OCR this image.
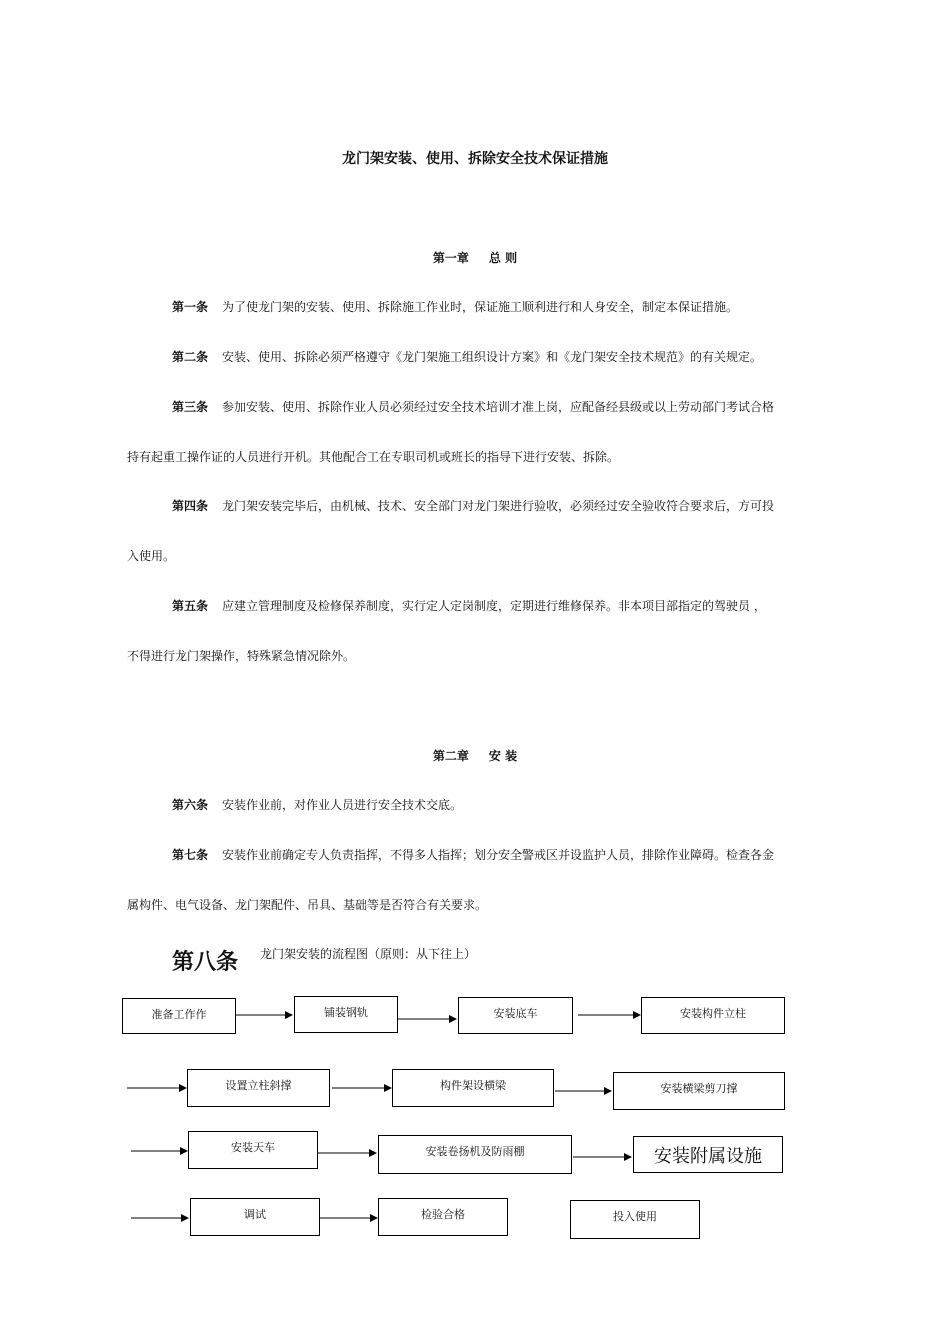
龙门架安装、使用、拆除安全技术保证措施
第一章 总 则
第一条 为了使龙门架的安装、使用、拆除施工作业时，保证施工顺利进行和人身安全，制定本保证措施。
第二条 安装、使用、拆除必须严格遵守《龙门架施工组织设计方案》和《龙门架安全技术规范》的有关规定。
第三条 参加安装、使用、拆除作业人员必须经过安全技术培训才准上岗，应配备经县级或以上劳动部门考试合格
持有起重工操作证的人员进行开机。其他配合工在专职司机或班长的指导下进行安装、拆除。
第四条 龙门架安装完毕后，由机械、技术、安全部门对龙门架进行验收，必须经过安全验收符合要求后，方可投
入使用。
第五条 应建立管理制度及检修保养制度，实行定人定岗制度，定期进行维修保养。非本项目部指定的驾驶员 ，
不得进行龙门架操作，特殊紧急情况除外。
第二章 安 装
第六条 安装作业前，对作业人员进行安全技术交底。
第七条 安装作业前确定专人负责指挥，不得多人指挥；划分安全警戒区并设监护人员，排除作业障碍。检查各金
属构件、电气设备、龙门架配件、吊具、基础等是否符合有关要求。
第八条 龙门架安装的流程图（原则：从下往上）
准备工作作	铺装钢轨	安装底车	安装构件立柱
设置立柱斜撑	构件架设横梁	安装横梁剪刀撑
安装天车	安装卷扬机及防雨棚	安装附属设施
调试	检验合格	投入使用
